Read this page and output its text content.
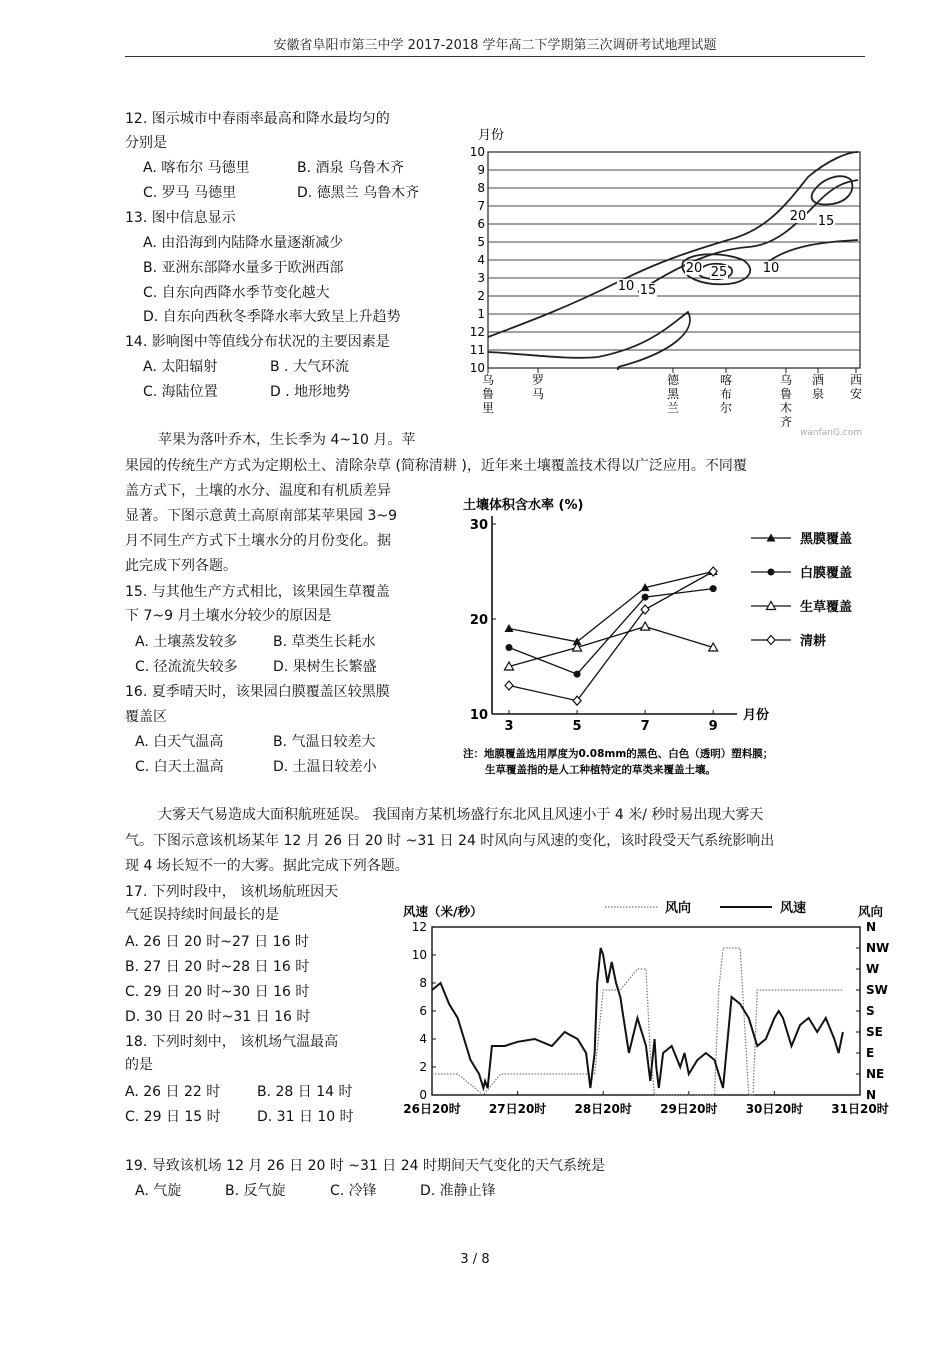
安徽省阜阳市第三中学 2017-2018 学年高二下学期第三次调研考试地理试题
12. 图示城市中春雨率最高和降水最均匀的
分别是
A. 喀布尔 马德里	B. 酒泉 乌鲁木齐
C. 罗马 马德里	D. 德黑兰 乌鲁木齐
13. 图中信息显示
A. 由沿海到内陆降水量逐渐减少
B. 亚洲东部降水量多于欧洲西部
C. 自东向西降水季节变化越大
D. 自东向西秋冬季降水率大致呈上升趋势
14. 影响图中等值线分布状况的主要因素是
A. 太阳辐射	B . 大气环流
C. 海陆位置	D . 地形地势
月份
10
9
8
7
6
5
4
3
2
1
12
11
10
10 15
20 25	10
20 15
乌鲁里
罗马
德黑兰
喀布尔
乌鲁木齐
酒泉
西安
wanfanG.com
苹果为落叶乔木，生长季为 4~10 月。苹
果园的传统生产方式为定期松土、清除杂草 (简称清耕 )，近年来土壤覆盖技术得以广泛应用。不同覆
盖方式下，土壤的水分、温度和有机质差异
显著。下图示意黄土高原南部某苹果园 3~9
月不同生产方式下土壤水分的月份变化。据
此完成下列各题。
15. 与其他生产方式相比，该果园生草覆盖
下 7~9 月土壤水分较少的原因是
A. 土壤蒸发较多	B. 草类生长耗水
C. 径流流失较多	D. 果树生长繁盛
16. 夏季晴天时，该果园白膜覆盖区较黑膜
覆盖区
A. 白天气温高	B. 气温日较差大
C. 白天土温高	D. 土温日较差小
土壤体积含水率 (%)
10
20
30
3	5	7	9
月份
黑膜覆盖
白膜覆盖
生草覆盖
清耕
注：地膜覆盖选用厚度为0.08mm的黑色、白色（透明）塑料膜；
生草覆盖指的是人工种植特定的草类来覆盖土壤。
大雾天气易造成大面积航班延误。 我国南方某机场盛行东北风且风速小于 4 米/ 秒时易出现大雾天
气。下图示意该机场某年 12 月 26 日 20 时 ~31 日 24 时风向与风速的变化，该时段受天气系统影响出
现 4 场长短不一的大雾。据此完成下列各题。
17. 下列时段中， 该机场航班因天
气延误持续时间最长的是
A. 26 日 20 时~27 日 16 时
B. 27 日 20 时~28 日 16 时
C. 29 日 20 时~30 日 16 时
D. 30 日 20 时~31 日 16 时
18. 下列时刻中， 该机场气温最高
的是
A. 26 日 22 时	B. 28 日 14 时
C. 29 日 15 时	D. 31 日 10 时
风速（米/秒）	风向
风向	风速
0
2
4
6
8
10
12	N
NW
W
SW
S
SE
E
NE
N
26日20时 27日20时 28日20时 29日20时 30日20时 31日20时
19. 导致该机场 12 月 26 日 20 时 ~31 日 24 时期间天气变化的天气系统是
A. 气旋	B. 反气旋	C. 冷锋	D. 准静止锋
3 / 8
